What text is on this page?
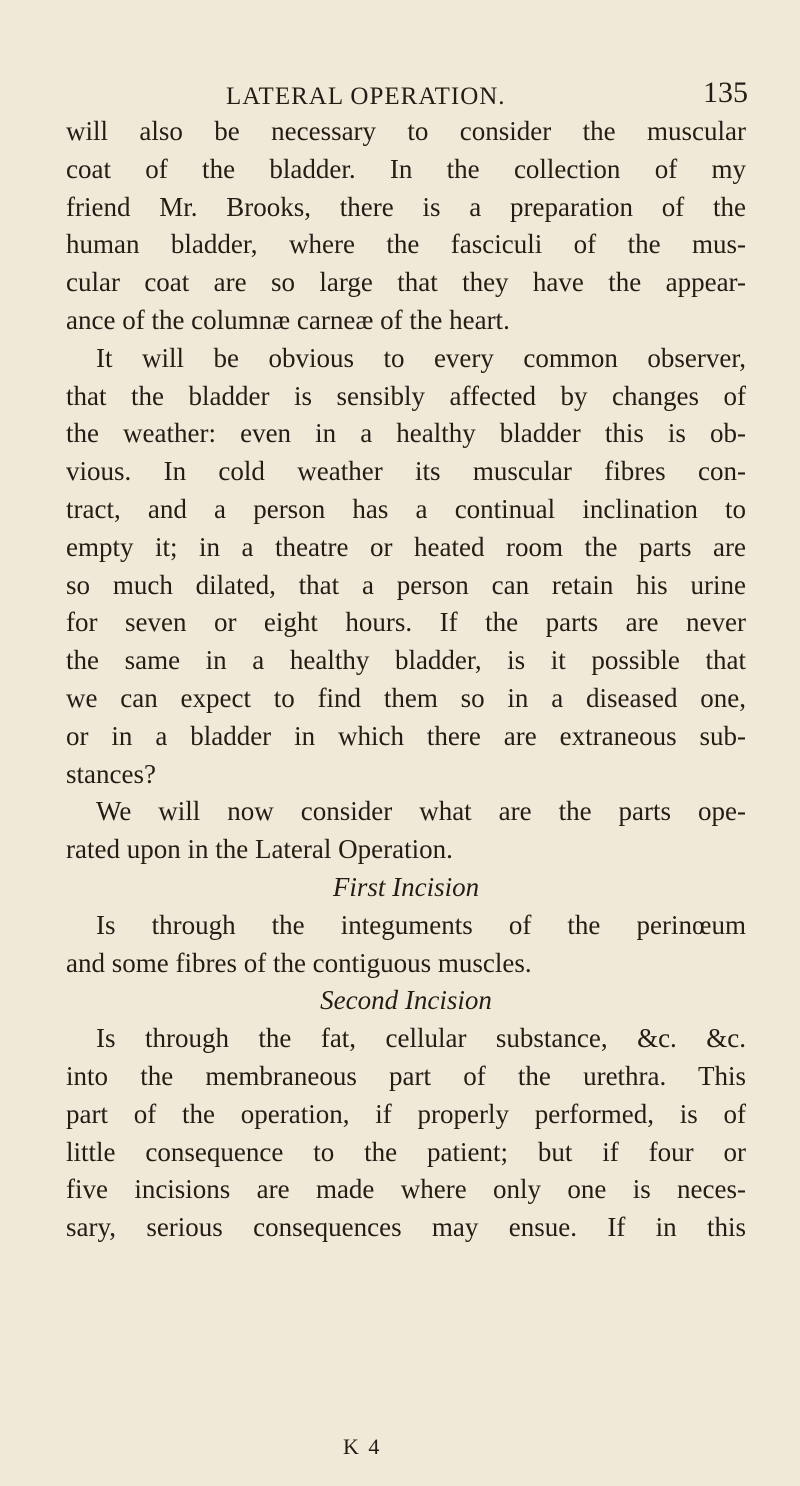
LATERAL OPERATION.	135
will also be necessary to consider the muscular
coat of the bladder. In the collection of my
friend Mr. Brooks, there is a preparation of the
human bladder, where the fasciculi of the mus-
cular coat are so large that they have the appear-
ance of the columnæ carneæ of the heart.
It will be obvious to every common observer,
that the bladder is sensibly affected by changes of
the weather: even in a healthy bladder this is ob-
vious. In cold weather its muscular fibres con-
tract, and a person has a continual inclination to
empty it; in a theatre or heated room the parts are
so much dilated, that a person can retain his urine
for seven or eight hours. If the parts are never
the same in a healthy bladder, is it possible that
we can expect to find them so in a diseased one,
or in a bladder in which there are extraneous sub-
stances?
We will now consider what are the parts ope-
rated upon in the Lateral Operation.
First Incision
Is through the integuments of the perinœum
and some fibres of the contiguous muscles.
Second Incision
Is through the fat, cellular substance, &c. &c.
into the membraneous part of the urethra. This
part of the operation, if properly performed, is of
little consequence to the patient; but if four or
five incisions are made where only one is neces-
sary, serious consequences may ensue. If in this
K 4
